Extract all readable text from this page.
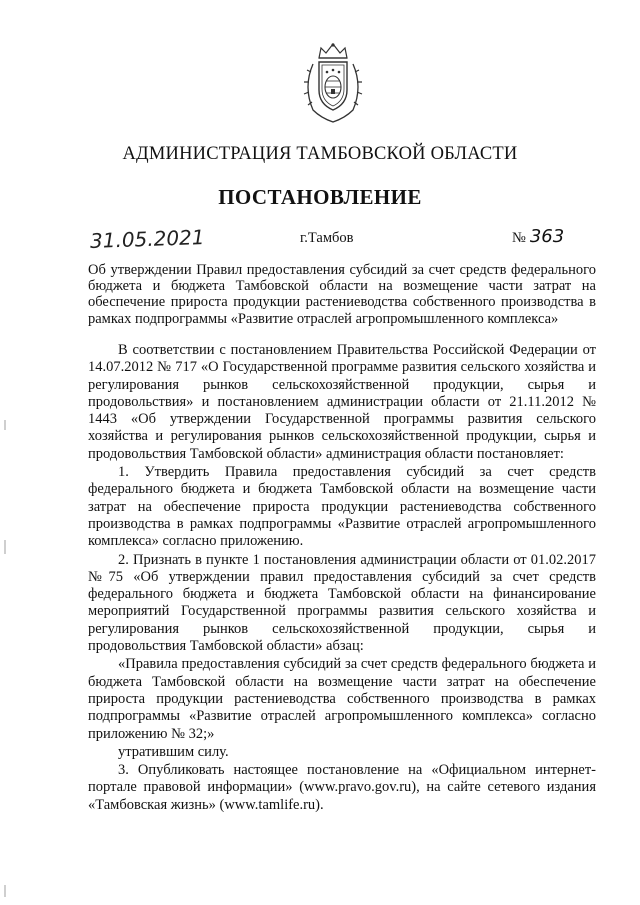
АДМИНИСТРАЦИЯ ТАМБОВСКОЙ ОБЛАСТИ
ПОСТАНОВЛЕНИЕ
31.05.2021	г.Тамбов	№ 363
Об утверждении Правил предоставления субсидий за счет средств федерального бюджета и бюджета Тамбовской области на возмещение части затрат на обеспечение прироста продукции растениеводства собственного производства в рамках подпрограммы «Развитие отраслей агропромышленного комплекса»

В соответствии с постановлением Правительства Российской Федерации от 14.07.2012 № 717 «О Государственной программе развития сельского хозяйства и регулирования рынков сельскохозяйственной продукции, сырья и продовольствия» и постановлением администрации области от 21.11.2012 № 1443 «Об утверждении Государственной программы развития сельского хозяйства и регулирования рынков сельскохозяйственной продукции, сырья и продовольствия Тамбовской области» администрация области постановляет:

1. Утвердить Правила предоставления субсидий за счет средств федерального бюджета и бюджета Тамбовской области на возмещение части затрат на обеспечение прироста продукции растениеводства собственного производства в рамках подпрограммы «Развитие отраслей агропромышленного комплекса» согласно приложению.

2. Признать в пункте 1 постановления администрации области от 01.02.2017 №75 «Об утверждении правил предоставления субсидий за счет средств федерального бюджета и бюджета Тамбовской области на финансирование мероприятий Государственной программы развития сельского хозяйства и регулирования рынков сельскохозяйственной продукции, сырья и продовольствия Тамбовской области» абзац:

«Правила предоставления субсидий за счет средств федерального бюджета и бюджета Тамбовской области на возмещение части затрат на обеспечение прироста продукции растениеводства собственного производства в рамках подпрограммы «Развитие отраслей агропромышленного комплекса» согласно приложению № 32;»

утратившим силу.

3. Опубликовать настоящее постановление на «Официальном интернет-портале правовой информации» (www.pravo.gov.ru), на сайте сетевого издания «Тамбовская жизнь» (www.tamlife.ru).
